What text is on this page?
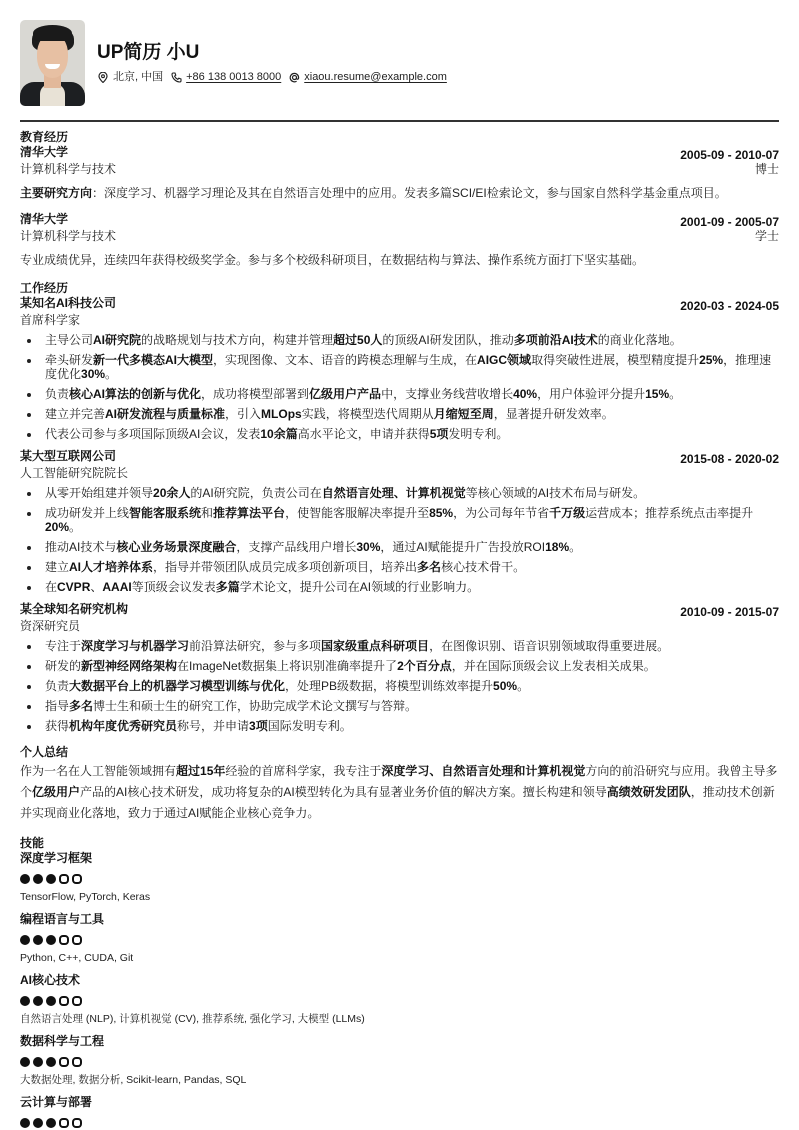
UP简历 小U
北京, 中国 +86 138 0013 8000 xiaou.resume@example.com
教育经历
清华大学	2005-09 - 2010-07
计算机科学与技术	博士
主要研究方向：深度学习、机器学习理论及其在自然语言处理中的应用。发表多篇SCI/EI检索论文，参与国家自然科学基金重点项目。
清华大学	2001-09 - 2005-07
计算机科学与技术	学士
专业成绩优异，连续四年获得校级奖学金。参与多个校级科研项目，在数据结构与算法、操作系统方面打下坚实基础。
工作经历
某知名AI科技公司	2020-03 - 2024-05
首席科学家
主导公司AI研究院的战略规划与技术方向，构建并管理超过50人的顶级AI研发团队，推动多项前沿AI技术的商业化落地。
牵头研发新一代多模态AI大模型，实现图像、文本、语音的跨模态理解与生成，在AIGC领域取得突破性进展，模型精度提升25%，推理速度优化30%。
负责核心AI算法的创新与优化，成功将模型部署到亿级用户产品中，支撑业务线营收增长40%，用户体验评分提升15%。
建立并完善AI研发流程与质量标准，引入MLOps实践，将模型迭代周期从月缩短至周，显著提升研发效率。
代表公司参与多项国际顶级AI会议，发表10余篇高水平论文，申请并获得5项发明专利。
某大型互联网公司	2015-08 - 2020-02
人工智能研究院院长
从零开始组建并领导20余人的AI研究院，负责公司在自然语言处理、计算机视觉等核心领域的AI技术布局与研发。
成功研发并上线智能客服系统和推荐算法平台，使智能客服解决率提升至85%，为公司每年节省千万级运营成本；推荐系统点击率提升20%。
推动AI技术与核心业务场景深度融合，支撑产品线用户增长30%，通过AI赋能提升广告投放ROI18%。
建立AI人才培养体系，指导并带领团队成员完成多项创新项目，培养出多名核心技术骨干。
在CVPR、AAAI等顶级会议发表多篇学术论文，提升公司在AI领域的行业影响力。
某全球知名研究机构	2010-09 - 2015-07
资深研究员
专注于深度学习与机器学习前沿算法研究，参与多项国家级重点科研项目，在图像识别、语音识别领域取得重要进展。
研发的新型神经网络架构在ImageNet数据集上将识别准确率提升了2个百分点，并在国际顶级会议上发表相关成果。
负责大数据平台上的机器学习模型训练与优化，处理PB级数据，将模型训练效率提升50%。
指导多名博士生和硕士生的研究工作，协助完成学术论文撰写与答辩。
获得机构年度优秀研究员称号，并申请3项国际发明专利。
个人总结
作为一名在人工智能领域拥有超过15年经验的首席科学家，我专注于深度学习、自然语言处理和计算机视觉方向的前沿研究与应用。我曾主导多个亿级用户产品的AI核心技术研发，成功将复杂的AI模型转化为具有显著业务价值的解决方案。擅长构建和领导高绩效研发团队，推动技术创新并实现商业化落地，致力于通过AI赋能企业核心竞争力。
技能
深度学习框架
TensorFlow, PyTorch, Keras
编程语言与工具
Python, C++, CUDA, Git
AI核心技术
自然语言处理 (NLP), 计算机视觉 (CV), 推荐系统, 强化学习, 大模型 (LLMs)
数据科学与工程
大数据处理, 数据分析, Scikit-learn, Pandas, SQL
云计算与部署
